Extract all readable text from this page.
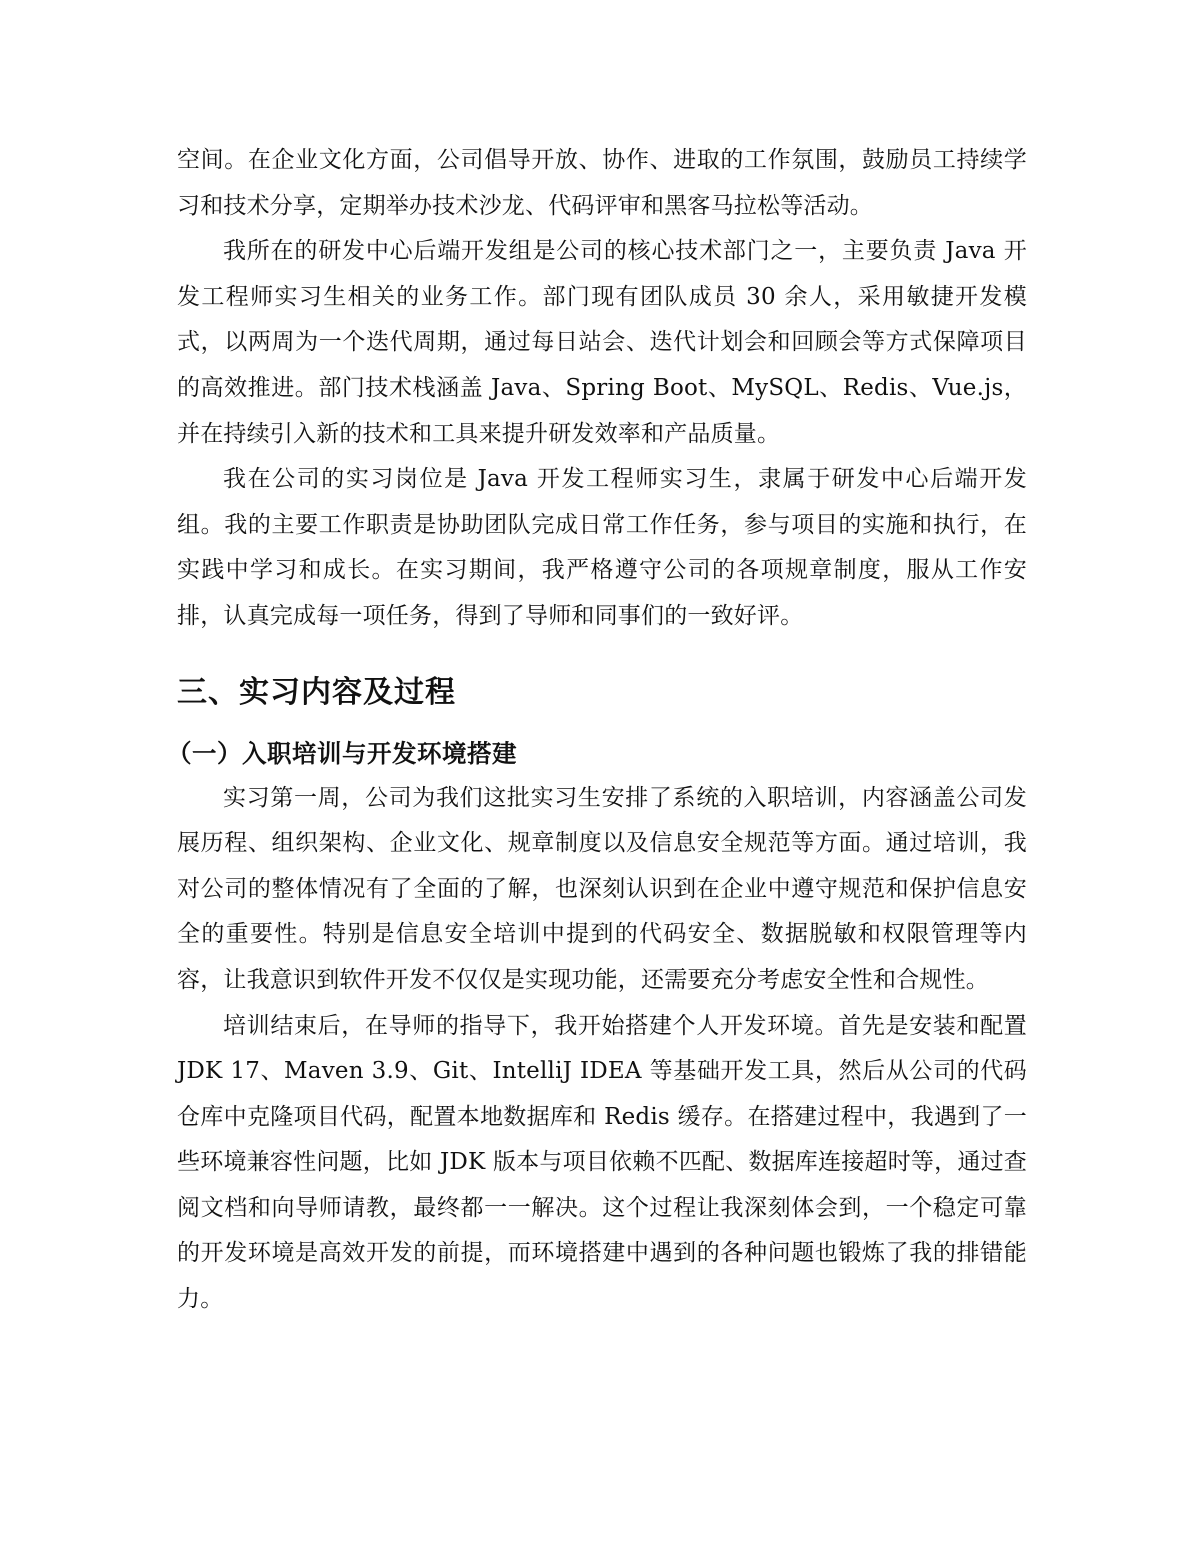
空间。在企业文化方面，公司倡导开放、协作、进取的工作氛围，鼓励员工持续学习和技术分享，定期举办技术沙龙、代码评审和黑客马拉松等活动。

我所在的研发中心后端开发组是公司的核心技术部门之一，主要负责 Java 开发工程师实习生相关的业务工作。部门现有团队成员 30 余人，采用敏捷开发模式，以两周为一个迭代周期，通过每日站会、迭代计划会和回顾会等方式保障项目的高效推进。部门技术栈涵盖 Java、Spring Boot、MySQL、Redis、Vue.js，并在持续引入新的技术和工具来提升研发效率和产品质量。

我在公司的实习岗位是 Java 开发工程师实习生，隶属于研发中心后端开发组。我的主要工作职责是协助团队完成日常工作任务，参与项目的实施和执行，在实践中学习和成长。在实习期间，我严格遵守公司的各项规章制度，服从工作安排，认真完成每一项任务，得到了导师和同事们的一致好评。

三、实习内容及过程
（一）入职培训与开发环境搭建

实习第一周，公司为我们这批实习生安排了系统的入职培训，内容涵盖公司发展历程、组织架构、企业文化、规章制度以及信息安全规范等方面。通过培训，我对公司的整体情况有了全面的了解，也深刻认识到在企业中遵守规范和保护信息安全的重要性。特别是信息安全培训中提到的代码安全、数据脱敏和权限管理等内容，让我意识到软件开发不仅仅是实现功能，还需要充分考虑安全性和合规性。

培训结束后，在导师的指导下，我开始搭建个人开发环境。首先是安装和配置 JDK 17、Maven 3.9、Git、IntelliJ IDEA 等基础开发工具，然后从公司的代码仓库中克隆项目代码，配置本地数据库和 Redis 缓存。在搭建过程中，我遇到了一些环境兼容性问题，比如 JDK 版本与项目依赖不匹配、数据库连接超时等，通过查阅文档和向导师请教，最终都一一解决。这个过程让我深刻体会到，一个稳定可靠的开发环境是高效开发的前提，而环境搭建中遇到的各种问题也锻炼了我的排错能力。
